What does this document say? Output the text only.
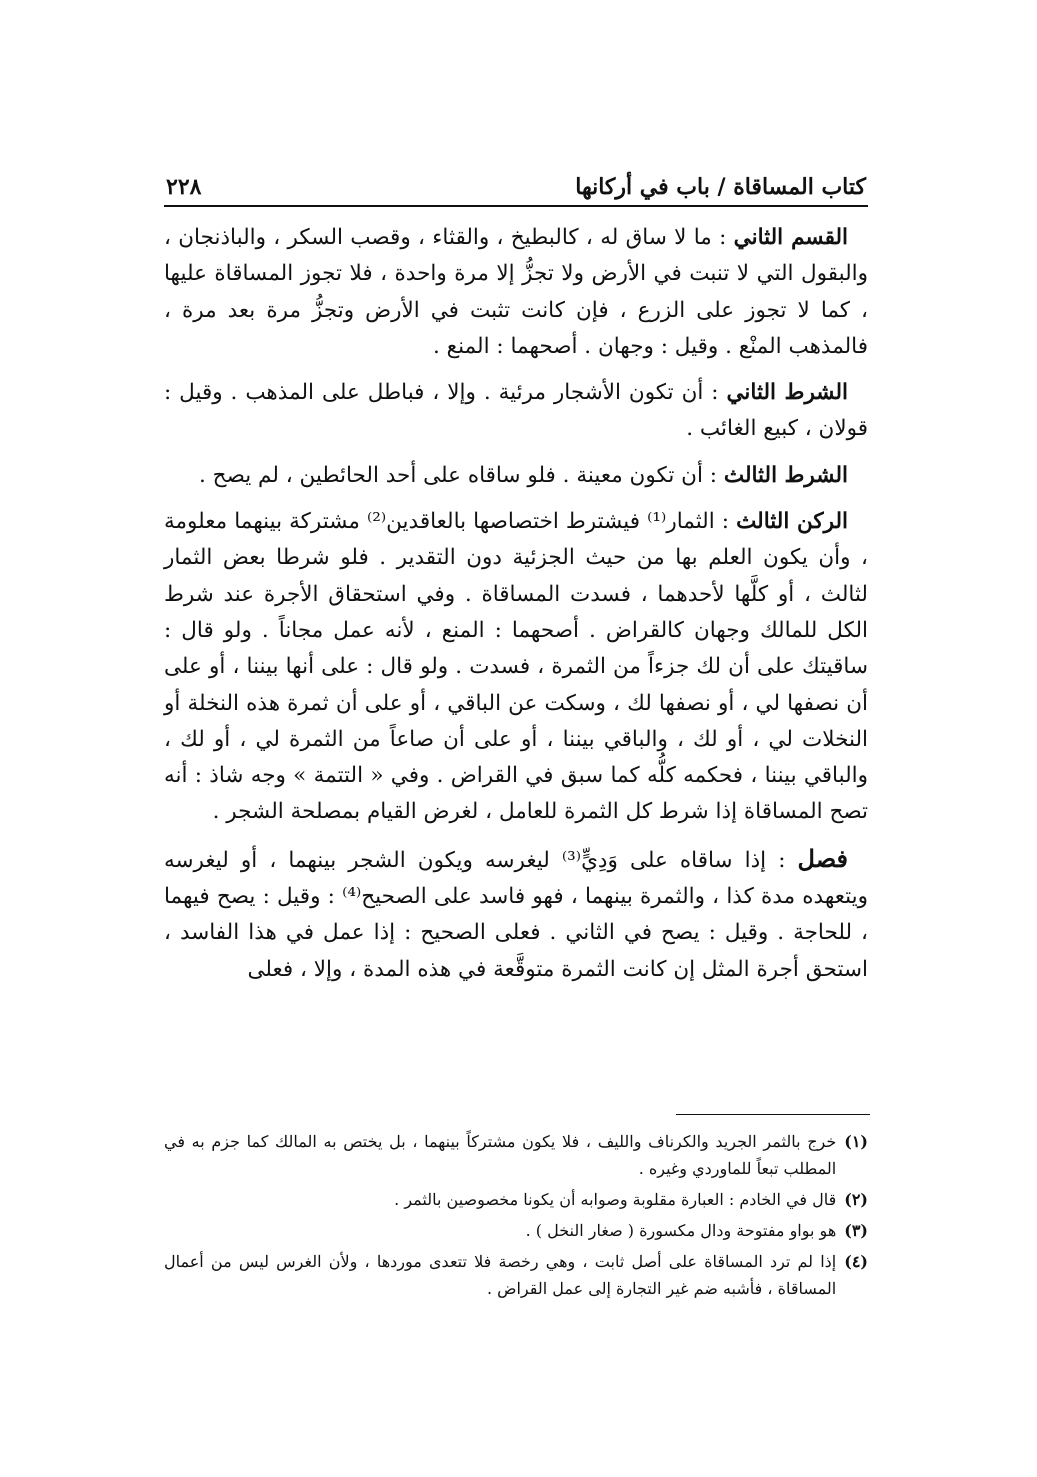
كتاب المساقاة / باب في أركانها
٢٢٨

القسم الثاني : ما لا ساق له ، كالبطيخ ، والقثاء ، وقصب السكر ، والباذنجان ، والبقول التي لا تنبت في الأرض ولا تجزُّ إلا مرة واحدة ، فلا تجوز المساقاة عليها ، كما لا تجوز على الزرع ، فإن كانت تثبت في الأرض وتجزُّ مرة بعد مرة ، فالمذهب المنْع . وقيل : وجهان . أصحهما : المنع .

الشرط الثاني : أن تكون الأشجار مرئية . وإلا ، فباطل على المذهب . وقيل : قولان ، كبيع الغائب .

الشرط الثالث : أن تكون معينة . فلو ساقاه على أحد الحائطين ، لم يصح .

الركن الثالث : الثمار⁽¹⁾ فيشترط اختصاصها بالعاقدين⁽²⁾ مشتركة بينهما معلومة ، وأن يكون العلم بها من حيث الجزئية دون التقدير . فلو شرطا بعض الثمار لثالث ، أو كلَّها لأحدهما ، فسدت المساقاة . وفي استحقاق الأجرة عند شرط الكل للمالك وجهان كالقراض . أصحهما : المنع ، لأنه عمل مجاناً . ولو قال : ساقيتك على أن لك جزءاً من الثمرة ، فسدت . ولو قال : على أنها بيننا ، أو على أن نصفها لي ، أو نصفها لك ، وسكت عن الباقي ، أو على أن ثمرة هذه النخلة أو النخلات لي ، أو لك ، والباقي بيننا ، أو على أن صاعاً من الثمرة لي ، أو لك ، والباقي بيننا ، فحكمه كلُّه كما سبق في القراض . وفي « التتمة » وجه شاذ : أنه تصح المساقاة إذا شرط كل الثمرة للعامل ، لغرض القيام بمصلحة الشجر .

فصل : إذا ساقاه على وَدِيٍّ⁽³⁾ ليغرسه ويكون الشجر بينهما ، أو ليغرسه ويتعهده مدة كذا ، والثمرة بينهما ، فهو فاسد على الصحيح⁽⁴⁾ : وقيل : يصح فيهما ، للحاجة . وقيل : يصح في الثاني . فعلى الصحيح : إذا عمل في هذا الفاسد ، استحق أجرة المثل إن كانت الثمرة متوقَّعة في هذه المدة ، وإلا ، فعلى

(١)
خرج بالثمر الجريد والكرناف والليف ، فلا يكون مشتركاً بينهما ، بل يختص به المالك كما جزم به في المطلب تبعاً للماوردي وغيره .
(٢)
قال في الخادم : العبارة مقلوبة وصوابه أن يكونا مخصوصين بالثمر .
(٣)
هو بواو مفتوحة ودال مكسورة ( صغار النخل ) .
(٤)
إذا لم ترد المساقاة على أصل ثابت ، وهي رخصة فلا تتعدى موردها ، ولأن الغرس ليس من أعمال المساقاة ، فأشبه ضم غير التجارة إلى عمل القراض .
